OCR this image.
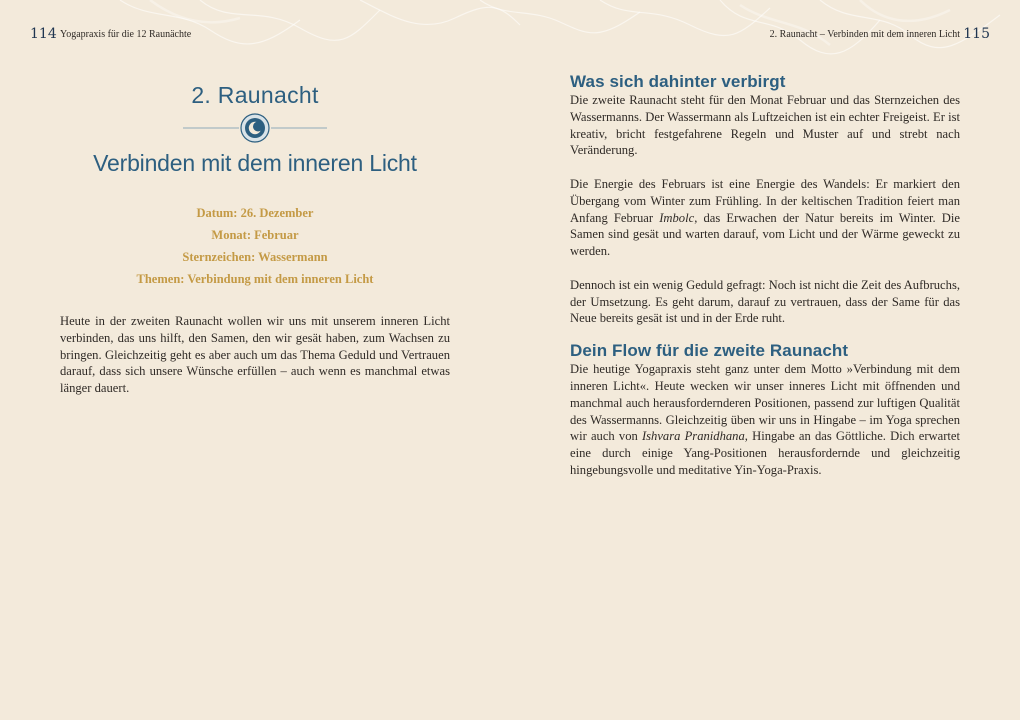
114 Yogapraxis für die 12 Raunächte
2. Raunacht
Verbinden mit dem inneren Licht
Datum: 26. Dezember
Monat: Februar
Sternzeichen: Wassermann
Themen: Verbindung mit dem inneren Licht

Heute in der zweiten Raunacht wollen wir uns mit unserem inneren Licht verbinden, das uns hilft, den Samen, den wir gesät haben, zum Wachsen zu bringen. Gleichzeitig geht es aber auch um das Thema Geduld und Vertrauen darauf, dass sich unsere Wünsche erfüllen – auch wenn es manchmal etwas länger dauert.

2. Raunacht – Verbinden mit dem inneren Licht 115
Was sich dahinter verbirgt

Die zweite Raunacht steht für den Monat Februar und das Sternzeichen des Wassermanns. Der Wassermann als Luftzeichen ist ein echter Freigeist. Er ist kreativ, bricht festgefahrene Regeln und Muster auf und strebt nach Veränderung.

Die Energie des Februars ist eine Energie des Wandels: Er markiert den Übergang vom Winter zum Frühling. In der keltischen Tradition feiert man Anfang Februar Imbolc, das Erwachen der Natur bereits im Winter. Die Samen sind gesät und warten darauf, vom Licht und der Wärme geweckt zu werden.

Dennoch ist ein wenig Geduld gefragt: Noch ist nicht die Zeit des Aufbruchs, der Umsetzung. Es geht darum, darauf zu vertrauen, dass der Same für das Neue bereits gesät ist und in der Erde ruht.

Dein Flow für die zweite Raunacht

Die heutige Yogapraxis steht ganz unter dem Motto »Verbindung mit dem inneren Licht«. Heute wecken wir unser inneres Licht mit öffnenden und manchmal auch herausfordernderen Positionen, passend zur luftigen Qualität des Wassermanns. Gleichzeitig üben wir uns in Hingabe – im Yoga sprechen wir auch von Ishvara Pranidhana, Hingabe an das Göttliche. Dich erwartet eine durch einige Yang-Positionen herausfordernde und gleichzeitig hingebungsvolle und meditative Yin-Yoga-Praxis.
